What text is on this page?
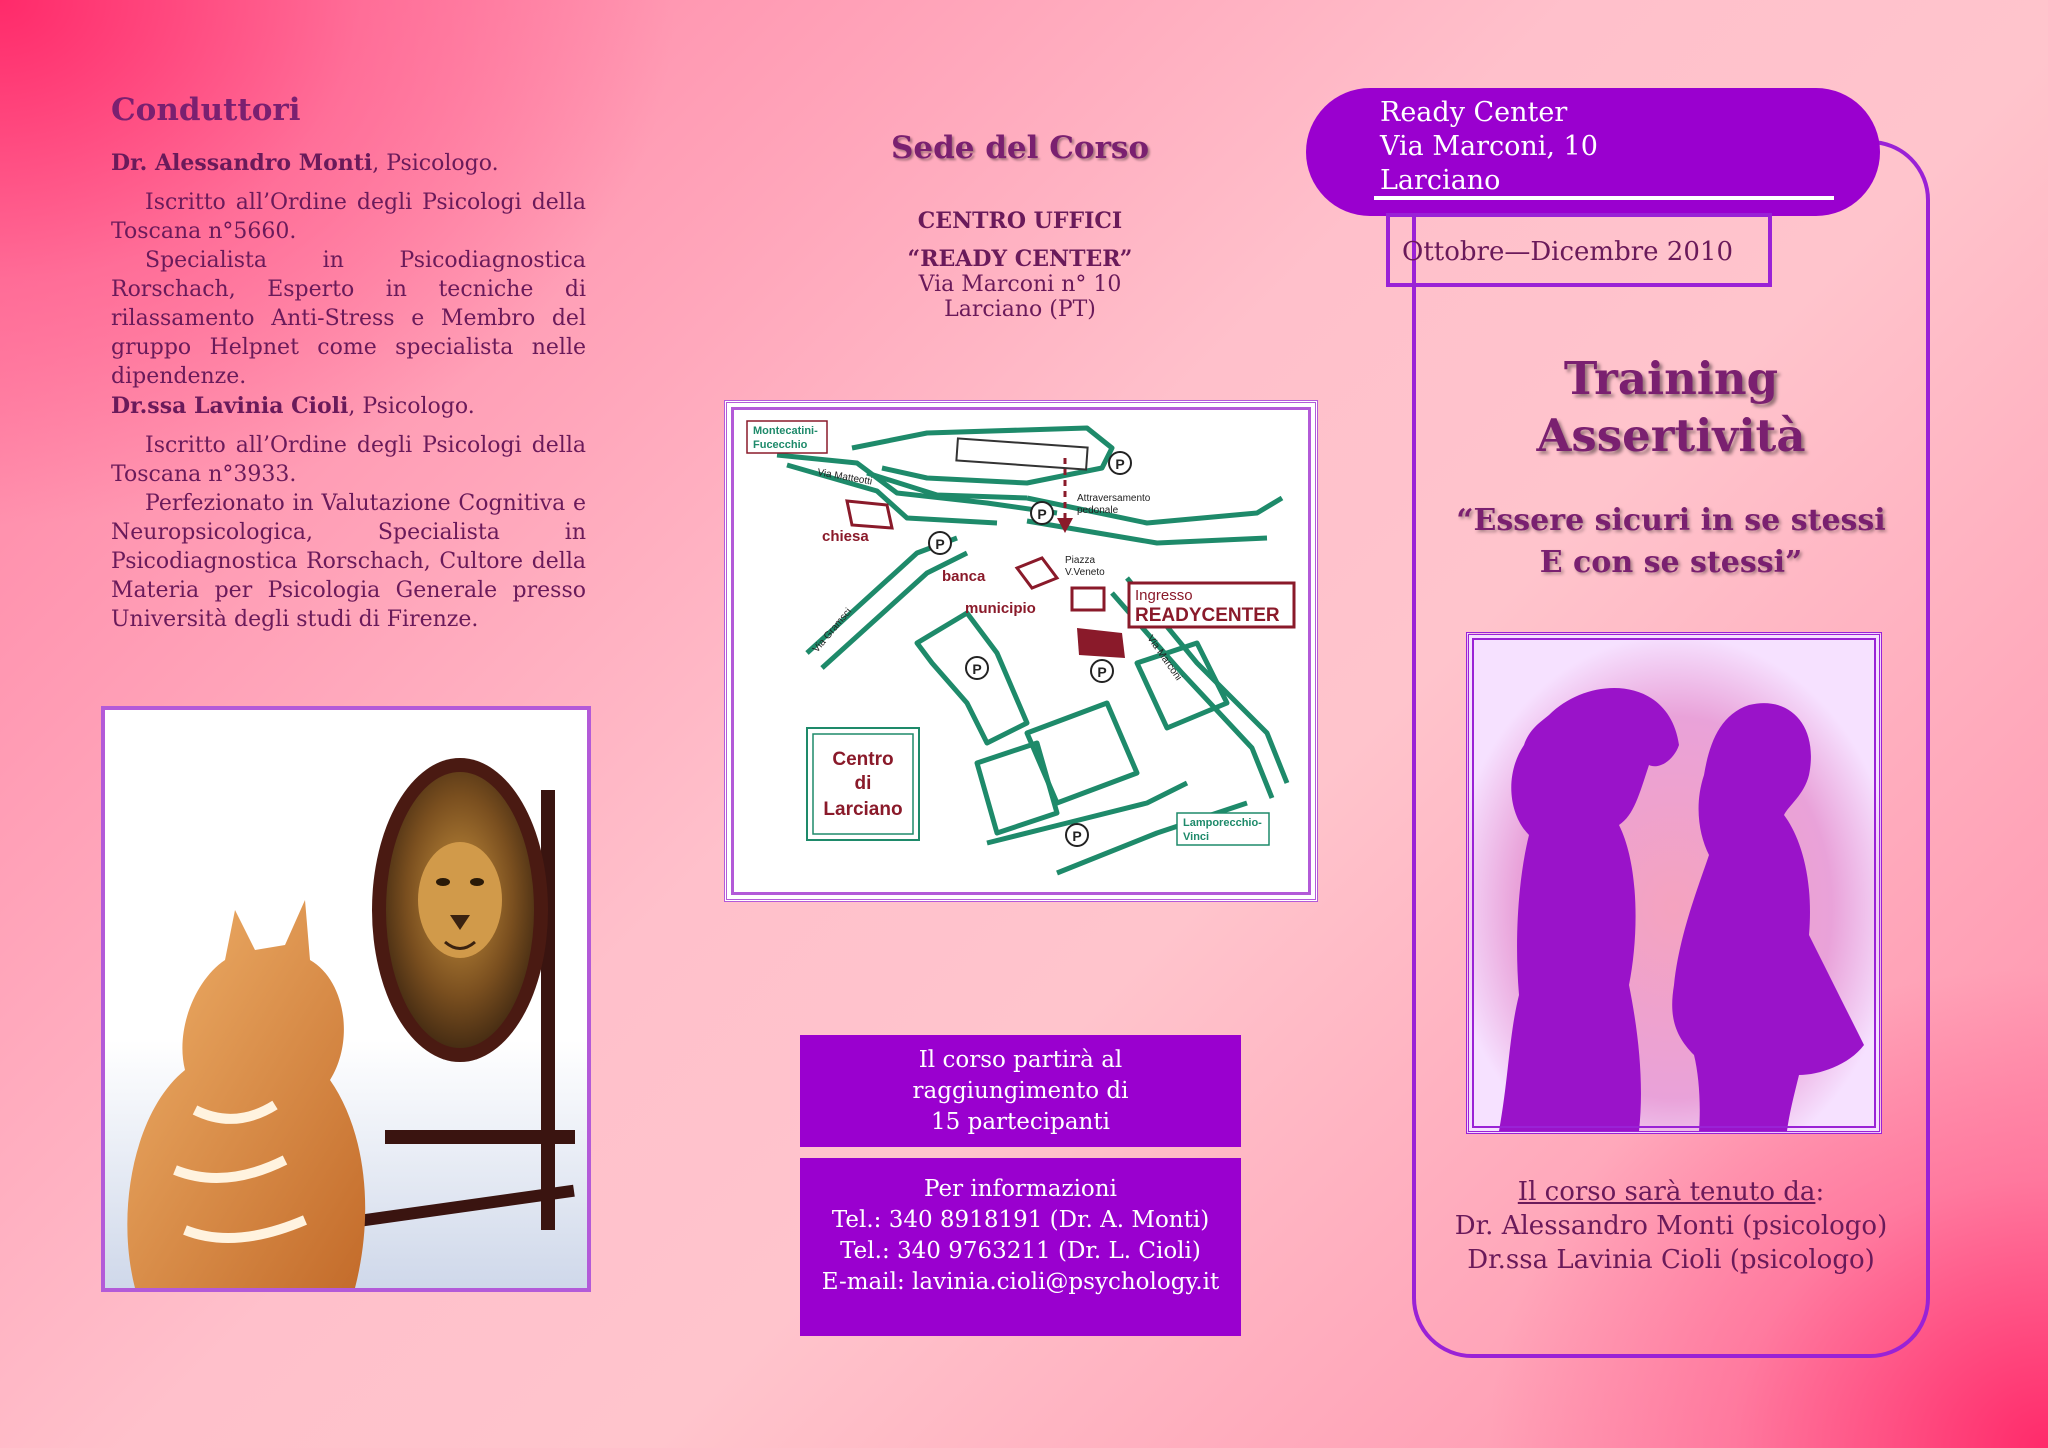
Conduttori
Dr. Alessandro Monti, Psicologo.

Iscritto all’Ordine degli Psicologi della Toscana n°5660.

Specialista in Psicodiagnostica Rorschach, Esperto in tecniche di rilassamento Anti-Stress e Membro del gruppo Helpnet come specialista nelle dipendenze.

Dr.ssa Lavinia Cioli, Psicologo.

Iscritto all’Ordine degli Psicologi della Toscana n°3933.

Perfezionato in Valutazione Cognitiva e Neuropsicologica, Specialista in Psicodiagnostica Rorschach, Cultore della Materia per Psicologia Generale presso Università degli studi di Firenze.

Sede del Corso
CENTRO UFFICI
“READY CENTER”
Via Marconi n° 10
Larciano (PT)
Montecatini-
Fucecchio
Via Matteotti
chiesa
banca
municipio
Attraversamento
pedonale
Piazza
V.Veneto
Ingresso
READYCENTER
Via Gramsci
Via Marconi
Centro
di
Larciano
Lamporecchio-
Vinci
P
P
P
P	P
P
Il corso partirà al
raggiungimento di
15 partecipanti
Per informazioni
Tel.: 340 8918191 (Dr. A. Monti)
Tel.: 340 9763211 (Dr. L. Cioli)
E-mail: lavinia.cioli@psychology.it
Ready Center
Via Marconi, 10
Larciano
Ottobre—Dicembre 2010
Training
Assertività
“Essere sicuri in se stessi
E con se stessi”
Il corso sarà tenuto da:
Dr. Alessandro Monti (psicologo)
Dr.ssa Lavinia Cioli (psicologo)
